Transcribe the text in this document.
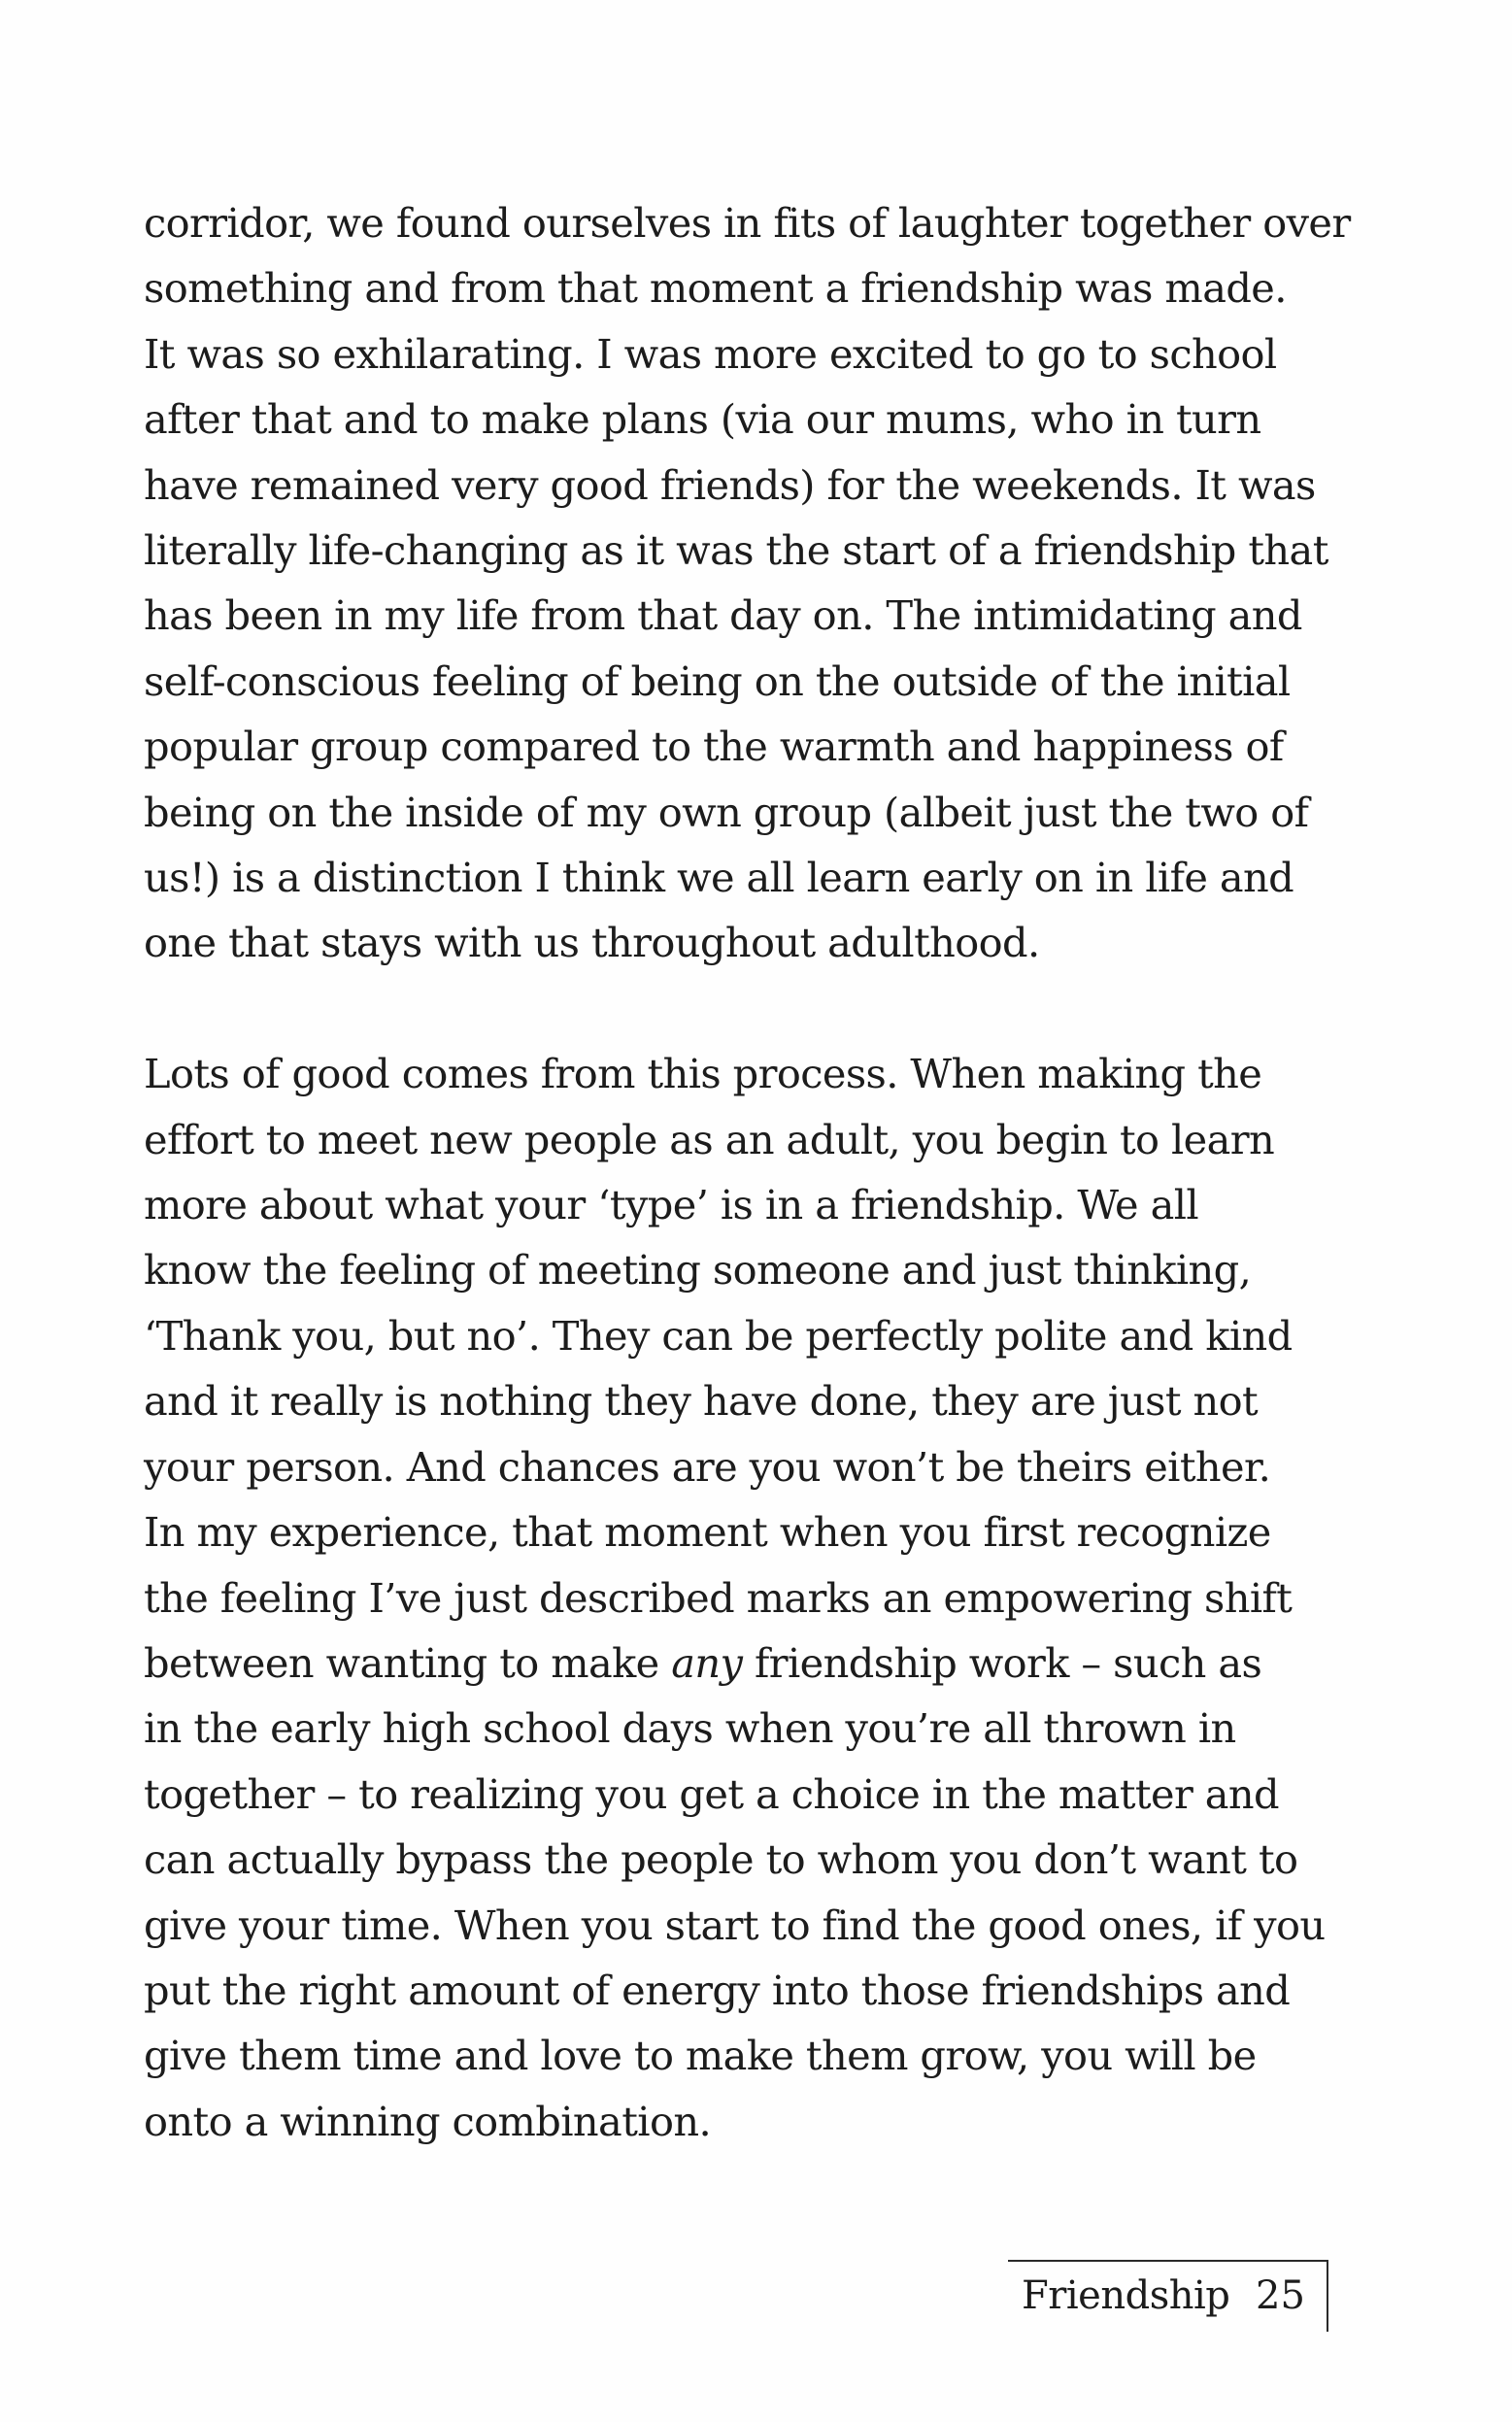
corridor, we found ourselves in fits of laughter together over
something and from that moment a friendship was made.
It was so exhilarating. I was more excited to go to school
after that and to make plans (via our mums, who in turn
have remained very good friends) for the weekends. It was
literally life-changing as it was the start of a friendship that
has been in my life from that day on. The intimidating and
self-conscious feeling of being on the outside of the initial
popular group compared to the warmth and happiness of
being on the inside of my own group (albeit just the two of
us!) is a distinction I think we all learn early on in life and
one that stays with us throughout adulthood.

Lots of good comes from this process. When making the
effort to meet new people as an adult, you begin to learn
more about what your ‘type’ is in a friendship. We all
know the feeling of meeting someone and just thinking,
‘Thank you, but no’. They can be perfectly polite and kind
and it really is nothing they have done, they are just not
your person. And chances are you won’t be theirs either.
In my experience, that moment when you first recognize
the feeling I’ve just described marks an empowering shift
between wanting to make any friendship work – such as
in the early high school days when you’re all thrown in
together – to realizing you get a choice in the matter and
can actually bypass the people to whom you don’t want to
give your time. When you start to find the good ones, if you
put the right amount of energy into those friendships and
give them time and love to make them grow, you will be
onto a winning combination.

Friendship 25
